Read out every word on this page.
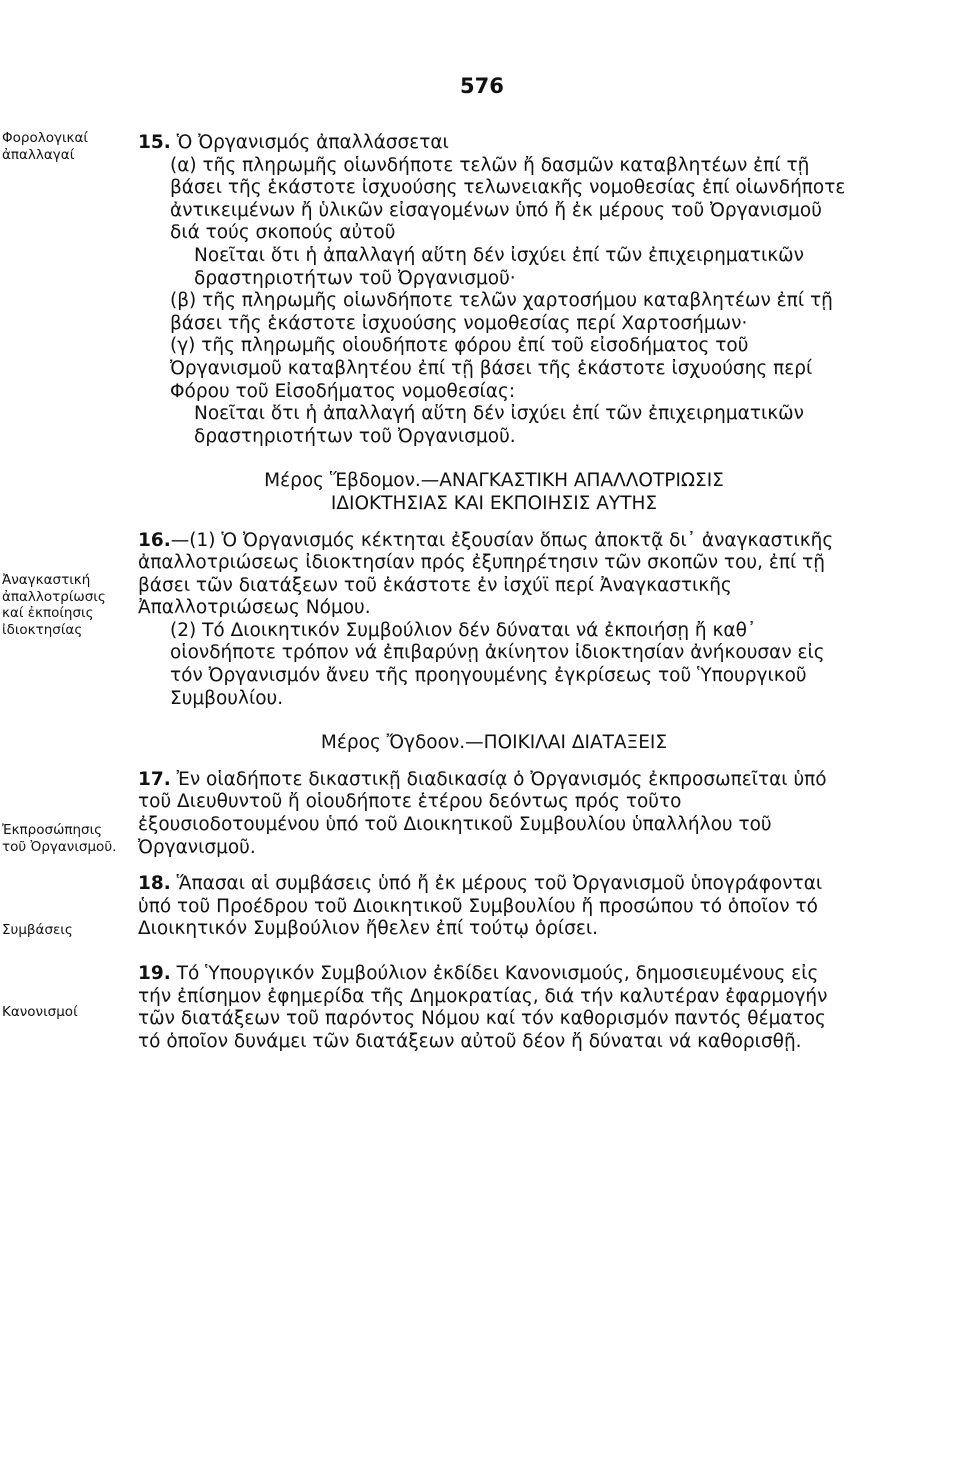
576
Φορολογικαί ἀπαλλαγαί
Ἀναγκαστική ἀπαλλοτρίωσις καί ἐκποίησις ἰδιοκτησίας
Ἐκπροσώπησις τοῦ Ὀργανισμοῦ.
Συμβάσεις
Κανονισμοί

15. Ὁ Ὀργανισμός ἀπαλλάσσεται

(α) τῆς πληρωμῆς οἱωνδήποτε τελῶν ἤ δασμῶν καταβλητέων ἐπί τῇ βάσει τῆς ἑκάστοτε ἰσχυούσης τελωνειακῆς νομοθεσίας ἐπί οἱωνδήποτε ἀντικειμένων ἤ ὑλικῶν εἰσαγομένων ὑπό ἤ ἐκ μέρους τοῦ Ὀργανισμοῦ διά τούς σκοπούς αὐτοῦ

Νοεῖται ὅτι ἡ ἀπαλλαγή αὕτη δέν ἰσχύει ἐπί τῶν ἐπιχειρηματικῶν δραστηριοτήτων τοῦ Ὀργανισμοῦ·

(β) τῆς πληρωμῆς οἱωνδήποτε τελῶν χαρτοσήμου καταβλητέων ἐπί τῇ βάσει τῆς ἑκάστοτε ἰσχυούσης νομοθεσίας περί Χαρτοσήμων·

(γ) τῆς πληρωμῆς οἱουδήποτε φόρου ἐπί τοῦ εἰσοδήματος τοῦ Ὀργανισμοῦ καταβλητέου ἐπί τῇ βάσει τῆς ἑκάστοτε ἰσχυούσης περί Φόρου τοῦ Εἰσοδήματος νομοθεσίας:

Νοεῖται ὅτι ἡ ἀπαλλαγή αὕτη δέν ἰσχύει ἐπί τῶν ἐπιχειρηματικῶν δραστηριοτήτων τοῦ Ὀργανισμοῦ.

Μέρος Ἕβδομον.—ΑΝΑΓΚΑΣΤΙΚΗ ΑΠΑΛΛΟΤΡΙΩΣΙΣ

ΙΔΙΟΚΤΗΣΙΑΣ ΚΑΙ ΕΚΠΟΙΗΣΙΣ ΑΥΤΗΣ

16.—(1) Ὁ Ὀργανισμός κέκτηται ἐξουσίαν ὅπως ἀποκτᾷ δι᾽ ἀναγκαστικῆς ἀπαλλοτριώσεως ἰδιοκτησίαν πρός ἐξυπηρέτησιν τῶν σκοπῶν του, ἐπί τῇ βάσει τῶν διατάξεων τοῦ ἑκάστοτε ἐν ἰσχύϊ περί Ἀναγκαστικῆς Ἀπαλλοτριώσεως Νόμου.

(2) Τό Διοικητικόν Συμβούλιον δέν δύναται νά ἐκποιήσῃ ἤ καθ᾽ οἱονδήποτε τρόπον νά ἐπιβαρύνῃ ἀκίνητον ἰδιοκτησίαν ἀνήκουσαν εἰς τόν Ὀργανισμόν ἄνευ τῆς προηγουμένης ἐγκρίσεως τοῦ Ὑπουργικοῦ Συμβουλίου.

Μέρος Ὄγδοον.—ΠΟΙΚΙΛΑΙ ΔΙΑΤΑΞΕΙΣ

17. Ἐν οἱαδήποτε δικαστικῇ διαδικασίᾳ ὁ Ὀργανισμός ἐκπροσωπεῖται ὑπό τοῦ Διευθυντοῦ ἤ οἱουδήποτε ἑτέρου δεόντως πρός τοῦτο ἐξουσιοδοτουμένου ὑπό τοῦ Διοικητικοῦ Συμβουλίου ὑπαλλήλου τοῦ Ὀργανισμοῦ.

18. Ἅπασαι αἱ συμβάσεις ὑπό ἤ ἐκ μέρους τοῦ Ὀργανισμοῦ ὑπογράφονται ὑπό τοῦ Προέδρου τοῦ Διοικητικοῦ Συμβουλίου ἤ προσώπου τό ὁποῖον τό Διοικητικόν Συμβούλιον ἤθελεν ἐπί τούτῳ ὁρίσει.

19. Τό Ὑπουργικόν Συμβούλιον ἐκδίδει Κανονισμούς, δημοσιευμένους εἰς τήν ἐπίσημον ἐφημερίδα τῆς Δημοκρατίας, διά τήν καλυτέραν ἐφαρμογήν τῶν διατάξεων τοῦ παρόντος Νόμου καί τόν καθορισμόν παντός θέματος τό ὁποῖον δυνάμει τῶν διατάξεων αὐτοῦ δέον ἤ δύναται νά καθορισθῇ.
